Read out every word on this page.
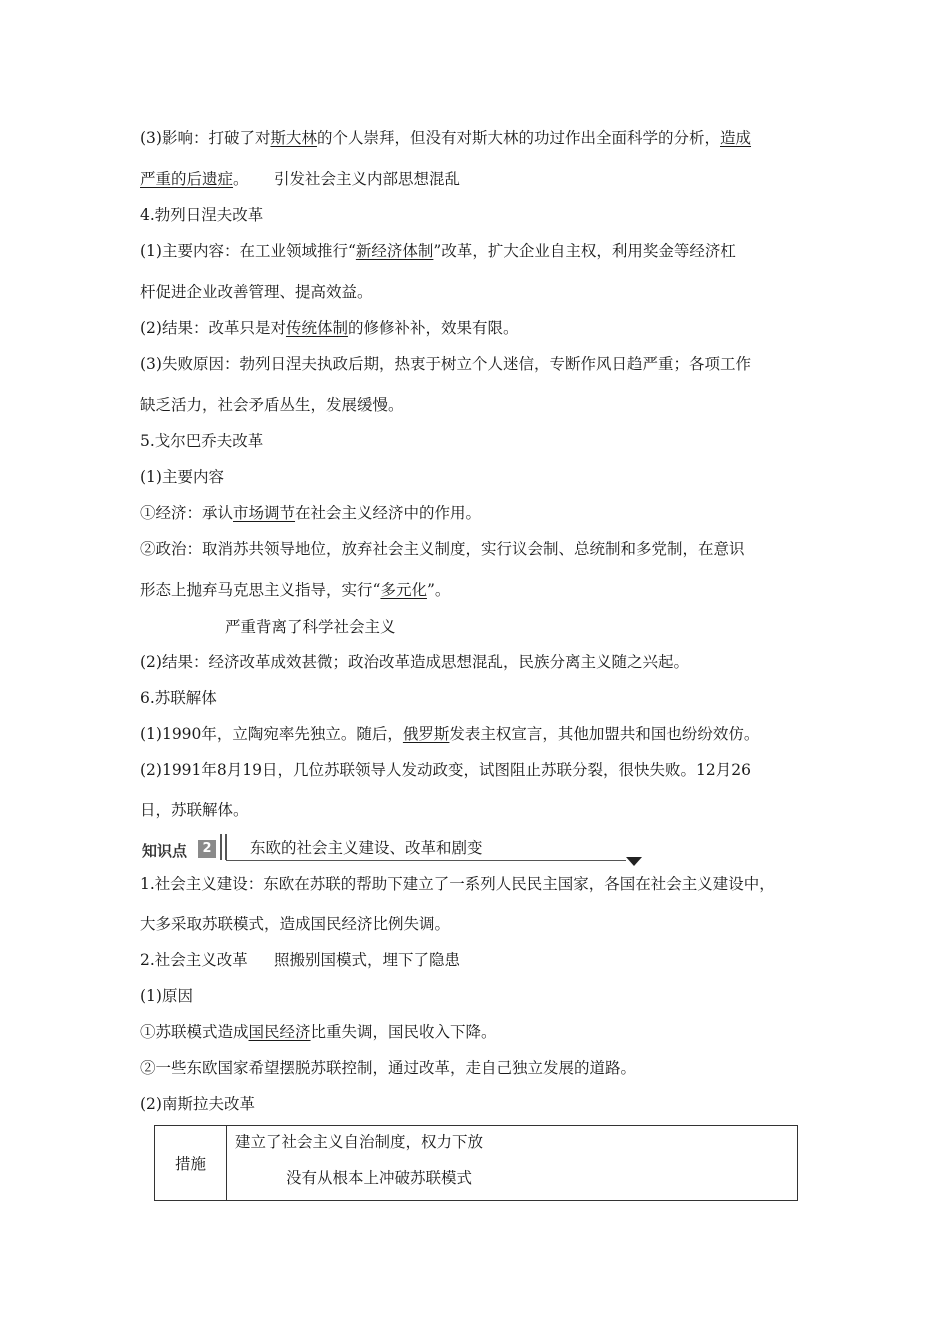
(3)影响：打破了对斯大林的个人崇拜，但没有对斯大林的功过作出全面科学的分析，造成
严重的后遗症。 引发社会主义内部思想混乱
4.勃列日涅夫改革
(1)主要内容：在工业领域推行“新经济体制”改革，扩大企业自主权，利用奖金等经济杠
杆促进企业改善管理、提高效益。
(2)结果：改革只是对传统体制的修修补补，效果有限。
(3)失败原因：勃列日涅夫执政后期，热衷于树立个人迷信，专断作风日趋严重；各项工作
缺乏活力，社会矛盾丛生，发展缓慢。
5.戈尔巴乔夫改革
(1)主要内容
①经济：承认市场调节在社会主义经济中的作用。
②政治：取消苏共领导地位，放弃社会主义制度，实行议会制、总统制和多党制，在意识
形态上抛弃马克思主义指导，实行“多元化”。
严重背离了科学社会主义
(2)结果：经济改革成效甚微；政治改革造成思想混乱，民族分离主义随之兴起。
6.苏联解体
(1)1990年，立陶宛率先独立。随后，俄罗斯发表主权宣言，其他加盟共和国也纷纷效仿。
(2)1991年8月19日，几位苏联领导人发动政变，试图阻止苏联分裂，很快失败。12月26
日，苏联解体。
知识点	2 东欧的社会主义建设、改革和剧变
1.社会主义建设：东欧在苏联的帮助下建立了一系列人民民主国家，各国在社会主义建设中，
大多采取苏联模式，造成国民经济比例失调。
2.社会主义改革 照搬别国模式，埋下了隐患
(1)原因
①苏联模式造成国民经济比重失调，国民收入下降。
②一些东欧国家希望摆脱苏联控制，通过改革，走自己独立发展的道路。
(2)南斯拉夫改革
措施
建立了社会主义自治制度，权力下放
没有从根本上冲破苏联模式
